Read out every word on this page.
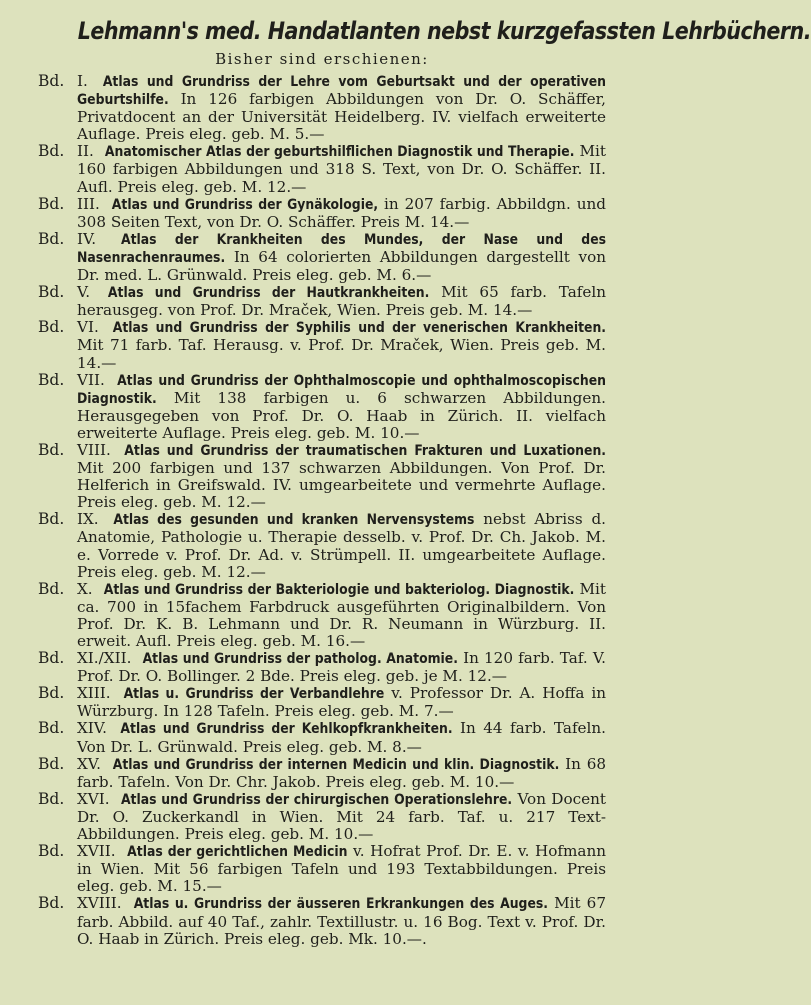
Lehmann's med. Handatlanten nebst kurzgefassten Lehrbüchern.

Bisher sind erschienen:

Bd. I. Atlas und Grundriss der Lehre vom Geburtsakt und der operativen Geburtshilfe. In 126 farbigen Abbildungen von Dr. O. Schäffer, Privatdocent an der Universität Heidelberg. IV. vielfach erweiterte Auflage. Preis eleg. geb. M. 5.—
Bd. II. Anatomischer Atlas der geburtshilflichen Diagnostik und Therapie. Mit 160 farbigen Abbildungen und 318 S. Text, von Dr. O. Schäffer. II. Aufl. Preis eleg. geb. M. 12.—
Bd. III. Atlas und Grundriss der Gynäkologie, in 207 farbig. Abbildgn. und 308 Seiten Text, von Dr. O. Schäffer. Preis M. 14.—
Bd. IV. Atlas der Krankheiten des Mundes, der Nase und des Nasenrachenraumes. In 64 colorierten Abbildungen dargestellt von Dr. med. L. Grünwald. Preis eleg. geb. M. 6.—
Bd. V. Atlas und Grundriss der Hautkrankheiten. Mit 65 farb. Tafeln herausgeg. von Prof. Dr. Mraček, Wien. Preis geb. M. 14.—
Bd. VI. Atlas und Grundriss der Syphilis und der venerischen Krankheiten. Mit 71 farb. Taf. Herausg. v. Prof. Dr. Mraček, Wien. Preis geb. M. 14.—
Bd. VII. Atlas und Grundriss der Ophthalmoscopie und ophthalmoscopischen Diagnostik. Mit 138 farbigen u. 6 schwarzen Abbildungen. Herausgegeben von Prof. Dr. O. Haab in Zürich. II. vielfach erweiterte Auflage. Preis eleg. geb. M. 10.—
Bd. VIII. Atlas und Grundriss der traumatischen Frakturen und Luxationen. Mit 200 farbigen und 137 schwarzen Abbildungen. Von Prof. Dr. Helferich in Greifswald. IV. umgearbeitete und vermehrte Auflage. Preis eleg. geb. M. 12.—
Bd. IX. Atlas des gesunden und kranken Nervensystems nebst Abriss d. Anatomie, Pathologie u. Therapie desselb. v. Prof. Dr. Ch. Jakob. M. e. Vorrede v. Prof. Dr. Ad. v. Strümpell. II. umgearbeitete Auflage. Preis eleg. geb. M. 12.—
Bd. X. Atlas und Grundriss der Bakteriologie und bakteriolog. Diagnostik. Mit ca. 700 in 15fachem Farbdruck ausgeführten Originalbildern. Von Prof. Dr. K. B. Lehmann und Dr. R. Neumann in Würzburg. II. erweit. Aufl. Preis eleg. geb. M. 16.—
Bd. XI./XII. Atlas und Grundriss der patholog. Anatomie. In 120 farb. Taf. V. Prof. Dr. O. Bollinger. 2 Bde. Preis eleg. geb. je M. 12.—
Bd. XIII. Atlas u. Grundriss der Verbandlehre v. Professor Dr. A. Hoffa in Würzburg. In 128 Tafeln. Preis eleg. geb. M. 7.—
Bd. XIV. Atlas und Grundriss der Kehlkopfkrankheiten. In 44 farb. Tafeln. Von Dr. L. Grünwald. Preis eleg. geb. M. 8.—
Bd. XV. Atlas und Grundriss der internen Medicin und klin. Diagnostik. In 68 farb. Tafeln. Von Dr. Chr. Jakob. Preis eleg. geb. M. 10.—
Bd. XVI. Atlas und Grundriss der chirurgischen Operationslehre. Von Docent Dr. O. Zuckerkandl in Wien. Mit 24 farb. Taf. u. 217 Text-Abbildungen. Preis eleg. geb. M. 10.—
Bd. XVII. Atlas der gerichtlichen Medicin v. Hofrat Prof. Dr. E. v. Hofmann in Wien. Mit 56 farbigen Tafeln und 193 Textabbildungen. Preis eleg. geb. M. 15.—
Bd. XVIII. Atlas u. Grundriss der äusseren Erkrankungen des Auges. Mit 67 farb. Abbild. auf 40 Taf., zahlr. Textillustr. u. 16 Bog. Text v. Prof. Dr. O. Haab in Zürich. Preis eleg. geb. Mk. 10.—.
